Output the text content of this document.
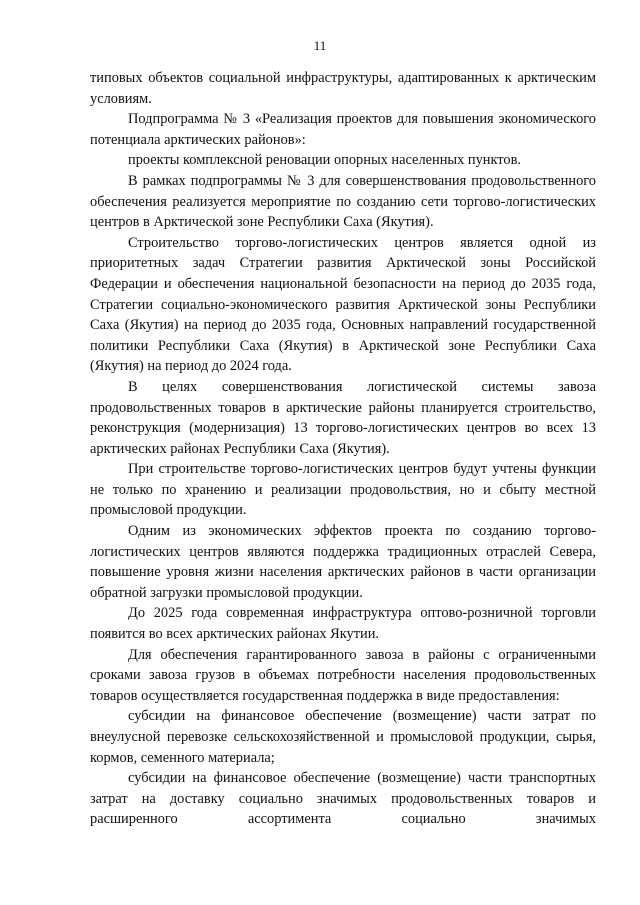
11

типовых объектов социальной инфраструктуры, адаптированных к арктическим условиям.

Подпрограмма № 3 «Реализация проектов для повышения экономического потенциала арктических районов»:

проекты комплексной реновации опорных населенных пунктов.

В рамках подпрограммы № 3 для совершенствования продовольственного обеспечения реализуется мероприятие по созданию сети торгово-логистических центров в Арктической зоне Республики Саха (Якутия).

Строительство торгово-логистических центров является одной из приоритетных задач Стратегии развития Арктической зоны Российской Федерации и обеспечения национальной безопасности на период до 2035 года, Стратегии социально-экономического развития Арктической зоны Республики Саха (Якутия) на период до 2035 года, Основных направлений государственной политики Республики Саха (Якутия) в Арктической зоне Республики Саха (Якутия) на период до 2024 года.

В целях совершенствования логистической системы завоза продовольственных товаров в арктические районы планируется строительство, реконструкция (модернизация) 13 торгово-логистических центров во всех 13 арктических районах Республики Саха (Якутия).

При строительстве торгово-логистических центров будут учтены функции не только по хранению и реализации продовольствия, но и сбыту местной промысловой продукции.

Одним из экономических эффектов проекта по созданию торгово-логистических центров являются поддержка традиционных отраслей Севера, повышение уровня жизни населения арктических районов в части организации обратной загрузки промысловой продукции.

До 2025 года современная инфраструктура оптово-розничной торговли появится во всех арктических районах Якутии.

Для обеспечения гарантированного завоза в районы с ограниченными сроками завоза грузов в объемах потребности населения продовольственных товаров осуществляется государственная поддержка в виде предоставления:

субсидии на финансовое обеспечение (возмещение) части затрат по внеулусной перевозке сельскохозяйственной и промысловой продукции, сырья, кормов, семенного материала;

субсидии на финансовое обеспечение (возмещение) части транспортных затрат на доставку социально значимых продовольственных товаров и расширенного ассортимента социально значимых
